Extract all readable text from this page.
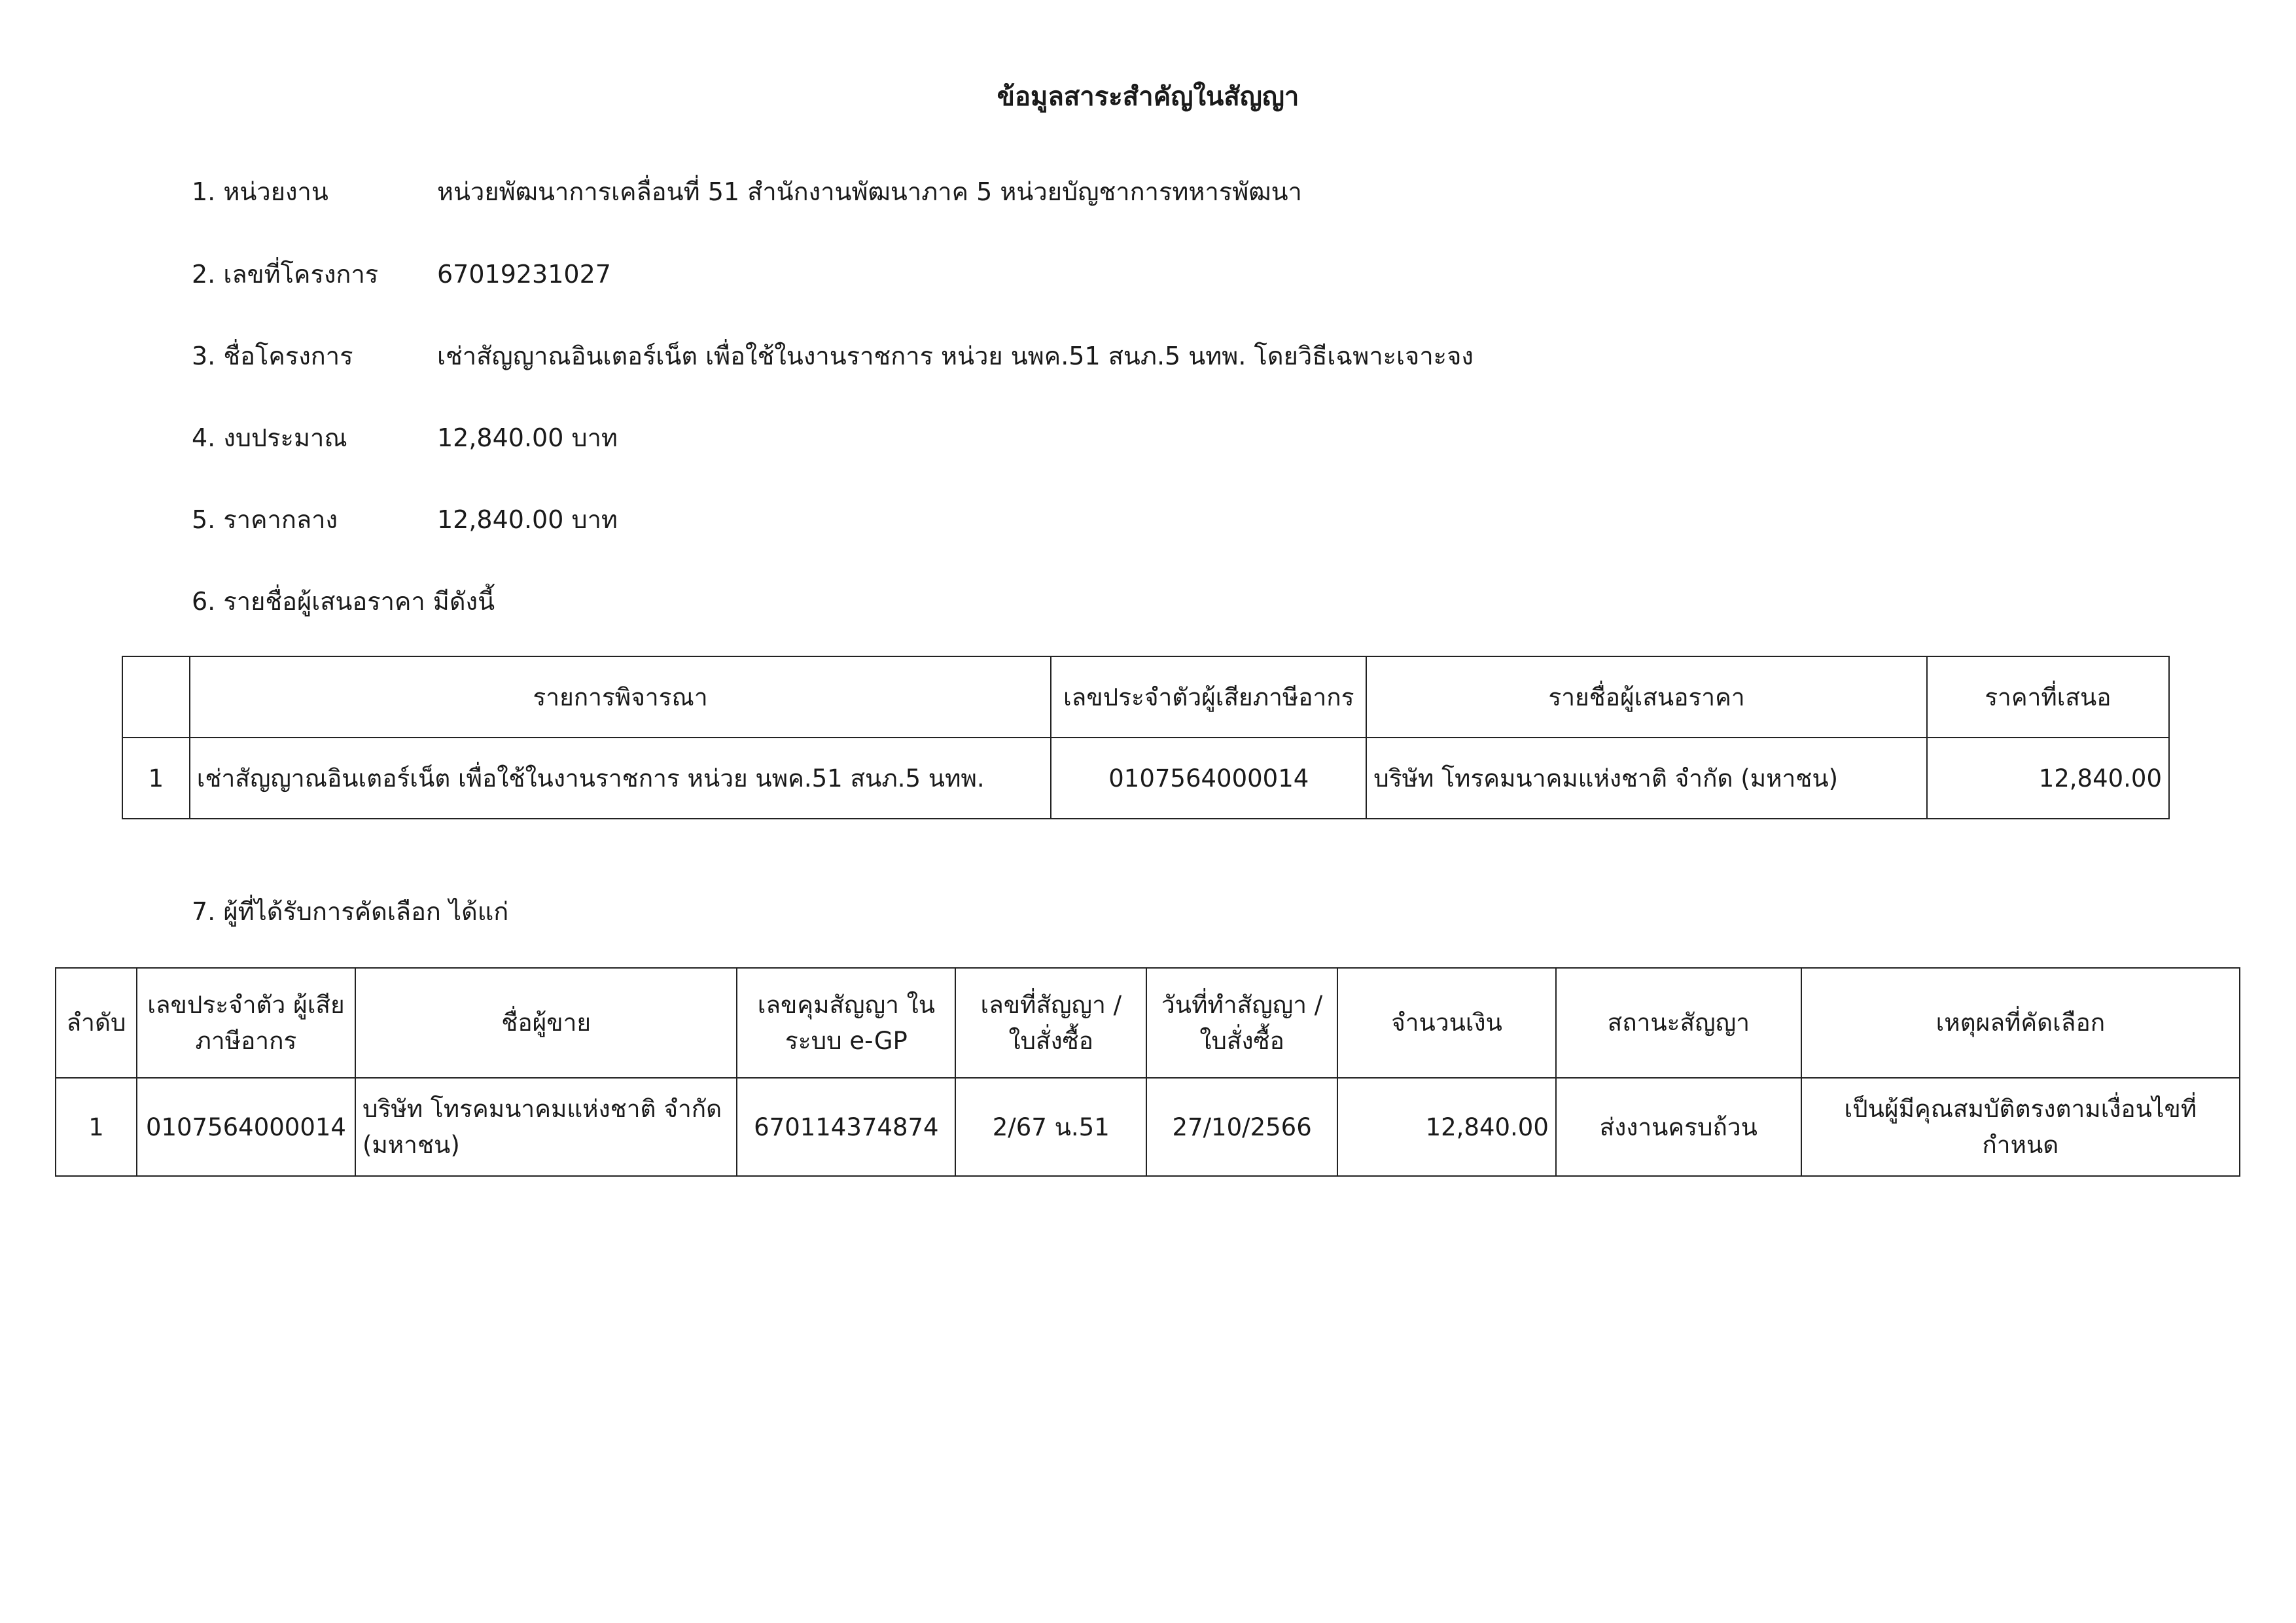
ข้อมูลสาระสำคัญในสัญญา
1. หน่วยงาน	หน่วยพัฒนาการเคลื่อนที่ 51 สำนักงานพัฒนาภาค 5 หน่วยบัญชาการทหารพัฒนา
2. เลขที่โครงการ 67019231027
3. ชื่อโครงการ	เช่าสัญญาณอินเตอร์เน็ต เพื่อใช้ในงานราชการ หน่วย นพค.51 สนภ.5 นทพ. โดยวิธีเฉพาะเจาะจง
4. งบประมาณ	12,840.00 บาท
5. ราคากลาง	12,840.00 บาท
6. รายชื่อผู้เสนอราคา มีดังนี้
	รายการพิจารณา	เลขประจำตัวผู้เสียภาษีอากร	รายชื่อผู้เสนอราคา	ราคาที่เสนอ
1	เช่าสัญญาณอินเตอร์เน็ต เพื่อใช้ในงานราชการ หน่วย นพค.51 สนภ.5 นทพ.	0107564000014	บริษัท โทรคมนาคมแห่งชาติ จำกัด (มหาชน)	12,840.00
7. ผู้ที่ได้รับการคัดเลือก ได้แก่
ลำดับ	เลขประจำตัว ผู้เสียภาษีอากร	ชื่อผู้ขาย	เลขคุมสัญญา ในระบบ e-GP	เลขที่สัญญา / ใบสั่งซื้อ	วันที่ทำสัญญา / ใบสั่งซื้อ	จำนวนเงิน	สถานะสัญญา	เหตุผลที่คัดเลือก
1	0107564000014	บริษัท โทรคมนาคมแห่งชาติ จำกัด (มหาชน)	670114374874	2/67 น.51	27/10/2566	12,840.00	ส่งงานครบถ้วน	เป็นผู้มีคุณสมบัติตรงตามเงื่อนไขที่กำหนด
